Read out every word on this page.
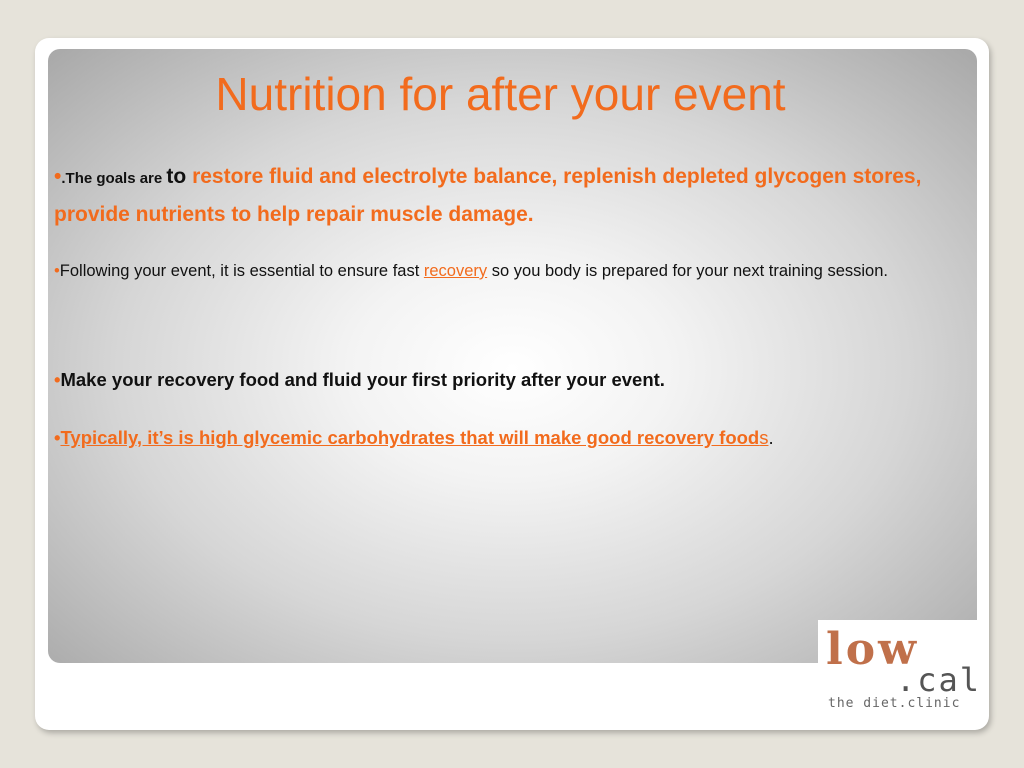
Nutrition for after your event
•.The goals are to restore fluid and electrolyte balance, replenish depleted glycogen stores, provide nutrients to help repair muscle damage.
•Following your event, it is essential to ensure fast recovery so you body is prepared for your next training session.
•Make your recovery food and fluid your first priority after your event.
•Typically, it’s is high glycemic carbohydrates that will make good recovery foods.
low
.cal
the diet.clinic
